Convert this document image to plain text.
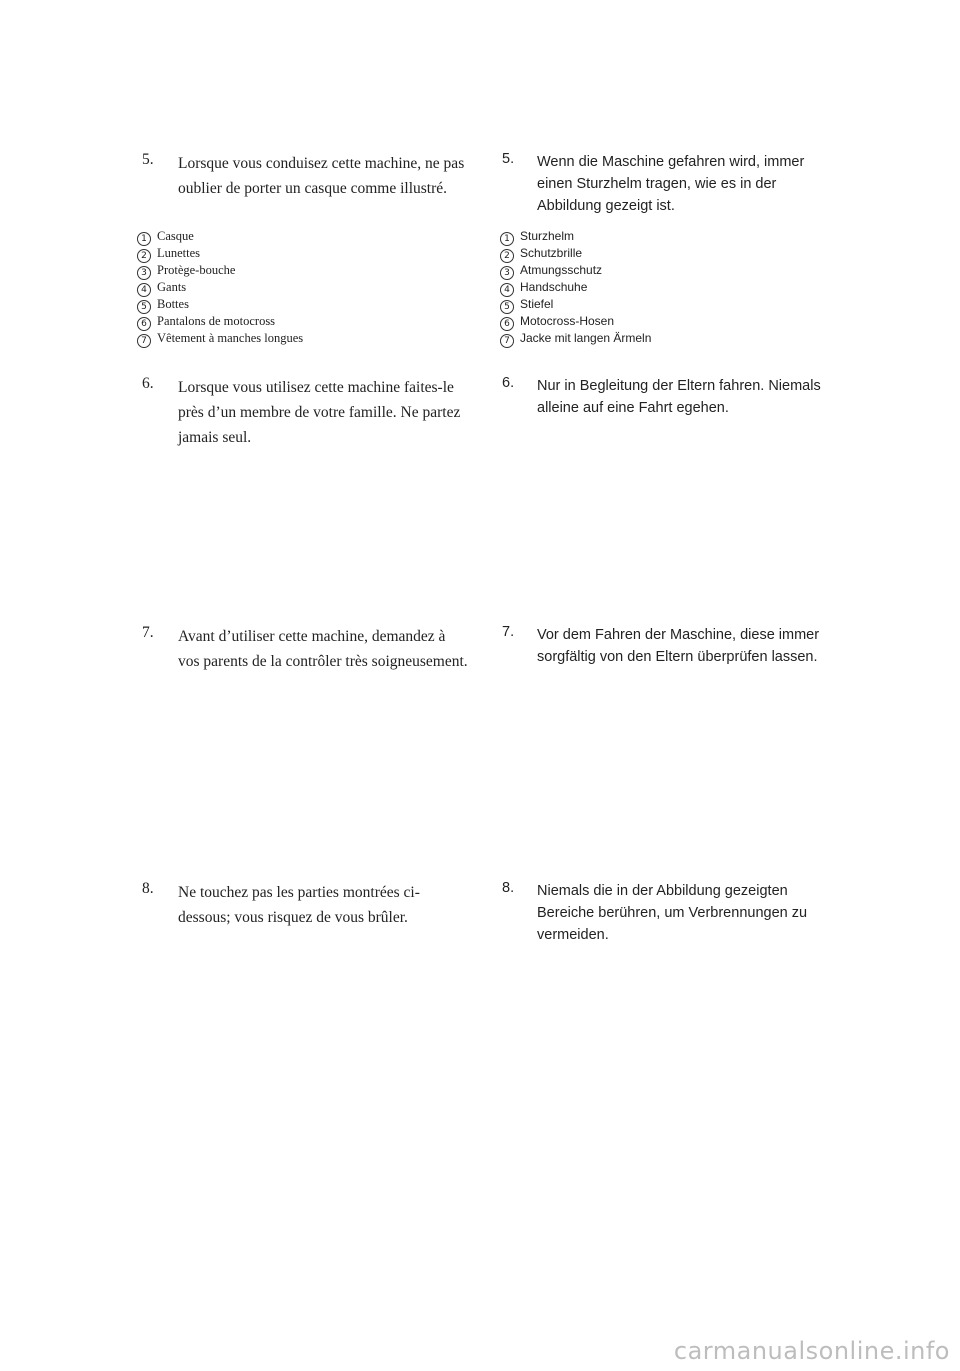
5. Lorsque vous conduisez cette machine, ne pas oublier de porter un casque comme illustré.
1 Casque
2 Lunettes
3 Protège-bouche
4 Gants
5 Bottes
6 Pantalons de motocross
7 Vêtement à manches longues
6. Lorsque vous utilisez cette machine faites-le près d’un membre de votre famille. Ne partez jamais seul.
7. Avant d’utiliser cette machine, demandez à vos parents de la contrôler très soigneusement.
8. Ne touchez pas les parties montrées ci-dessous; vous risquez de vous brûler.
5. Wenn die Maschine gefahren wird, immer einen Sturzhelm tragen, wie es in der Abbildung gezeigt ist.
1 Sturzhelm
2 Schutzbrille
3 Atmungsschutz
4 Handschuhe
5 Stiefel
6 Motocross-Hosen
7 Jacke mit langen Ärmeln
6. Nur in Begleitung der Eltern fahren. Niemals alleine auf eine Fahrt egehen.
7. Vor dem Fahren der Maschine, diese immer sorgfältig von den Eltern überprüfen lassen.
8. Niemals die in der Abbildung gezeigten Bereiche berühren, um Verbrennungen zu vermeiden.
carmanualsonline.info
